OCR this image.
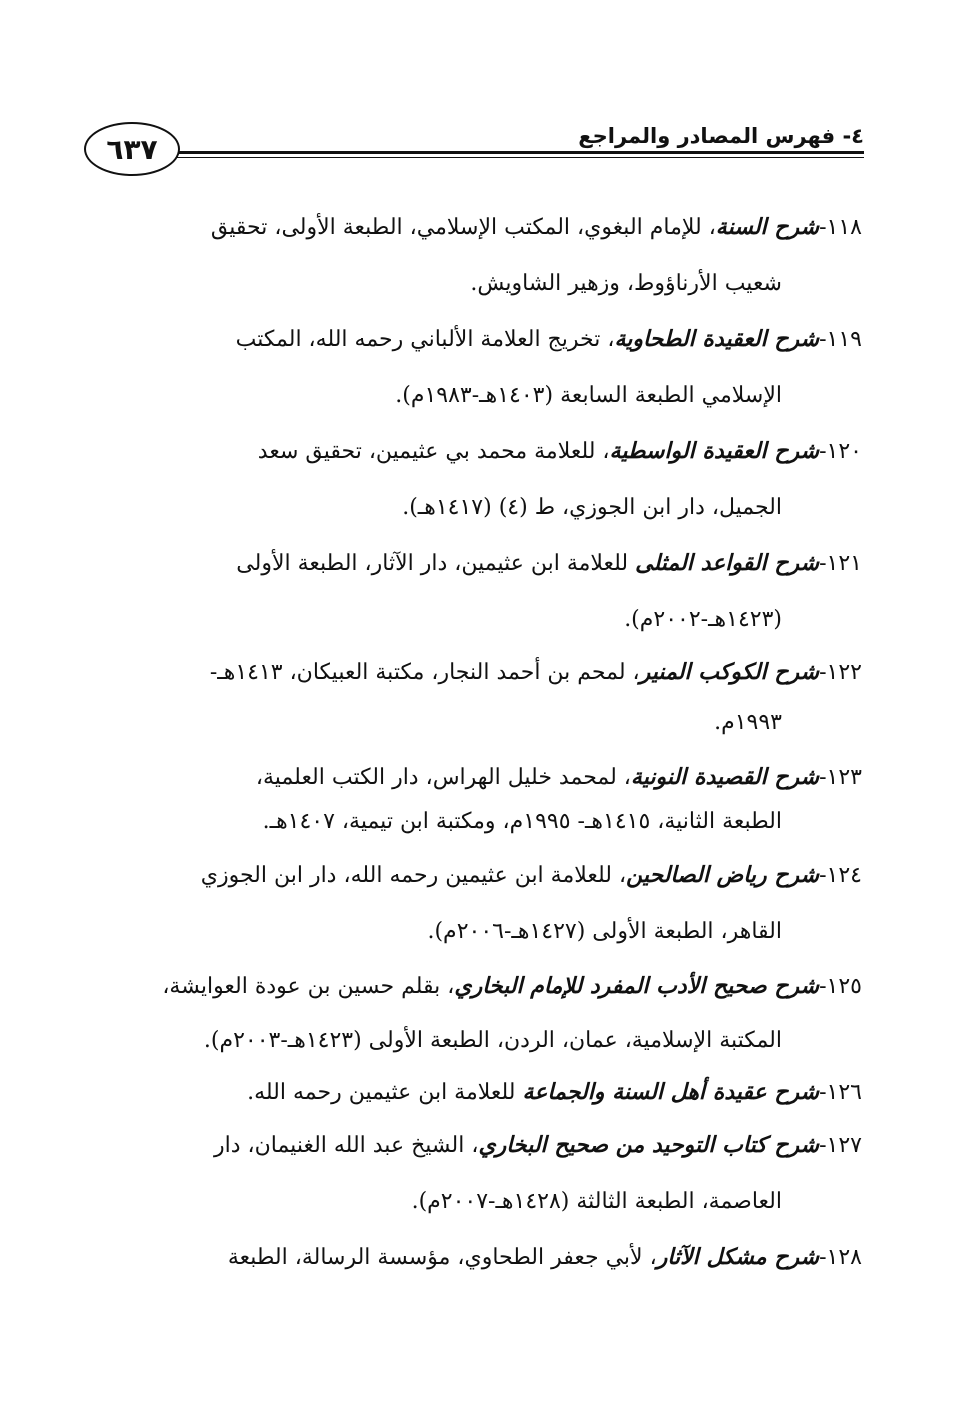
٤- فهرس المصادر والمراجع
٦٣٧

١١٨-شرح السنة، للإمام البغوي، المكتب الإسلامي، الطبعة الأولى، تحقيق
شعيب الأرناؤوط، وزهير الشاويش.

١١٩-شرح العقيدة الطحاوية، تخريج العلامة الألباني رحمه الله، المكتب
الإسلامي الطبعة السابعة (١٤٠٣هـ-١٩٨٣م).

١٢٠-شرح العقيدة الواسطية، للعلامة محمد بي عثيمين، تحقيق سعد
الجميل، دار ابن الجوزي، ط (٤) (١٤١٧هـ).

١٢١-شرح القواعد المثلى للعلامة ابن عثيمين، دار الآثار، الطبعة الأولى
(١٤٢٣هـ-٢٠٠٢م).

١٢٢-شرح الكوكب المنير، لمحم بن أحمد النجار، مكتبة العبيكان، ١٤١٣هـ-
١٩٩٣م.

١٢٣-شرح القصيدة النونية، لمحمد خليل الهراس، دار الكتب العلمية،
الطبعة الثانية، ١٤١٥هـ- ١٩٩٥م، ومكتبة ابن تيمية، ١٤٠٧هـ.

١٢٤-شرح رياض الصالحين، للعلامة ابن عثيمين رحمه الله، دار ابن الجوزي
القاهر، الطبعة الأولى (١٤٢٧هـ-٢٠٠٦م).

١٢٥-شرح صحيح الأدب المفرد للإمام البخاري، بقلم حسين بن عودة العوايشة،
المكتبة الإسلامية، عمان، الردن، الطبعة الأولى (١٤٢٣هـ-٢٠٠٣م).

١٢٦-شرح عقيدة أهل السنة والجماعة للعلامة ابن عثيمين رحمه الله.

١٢٧-شرح كتاب التوحيد من صحيح البخاري، الشيخ عبد الله الغنيمان، دار
العاصمة، الطبعة الثالثة (١٤٢٨هـ-٢٠٠٧م).

١٢٨-شرح مشكل الآثار، لأبي جعفر الطحاوي، مؤسسة الرسالة، الطبعة
